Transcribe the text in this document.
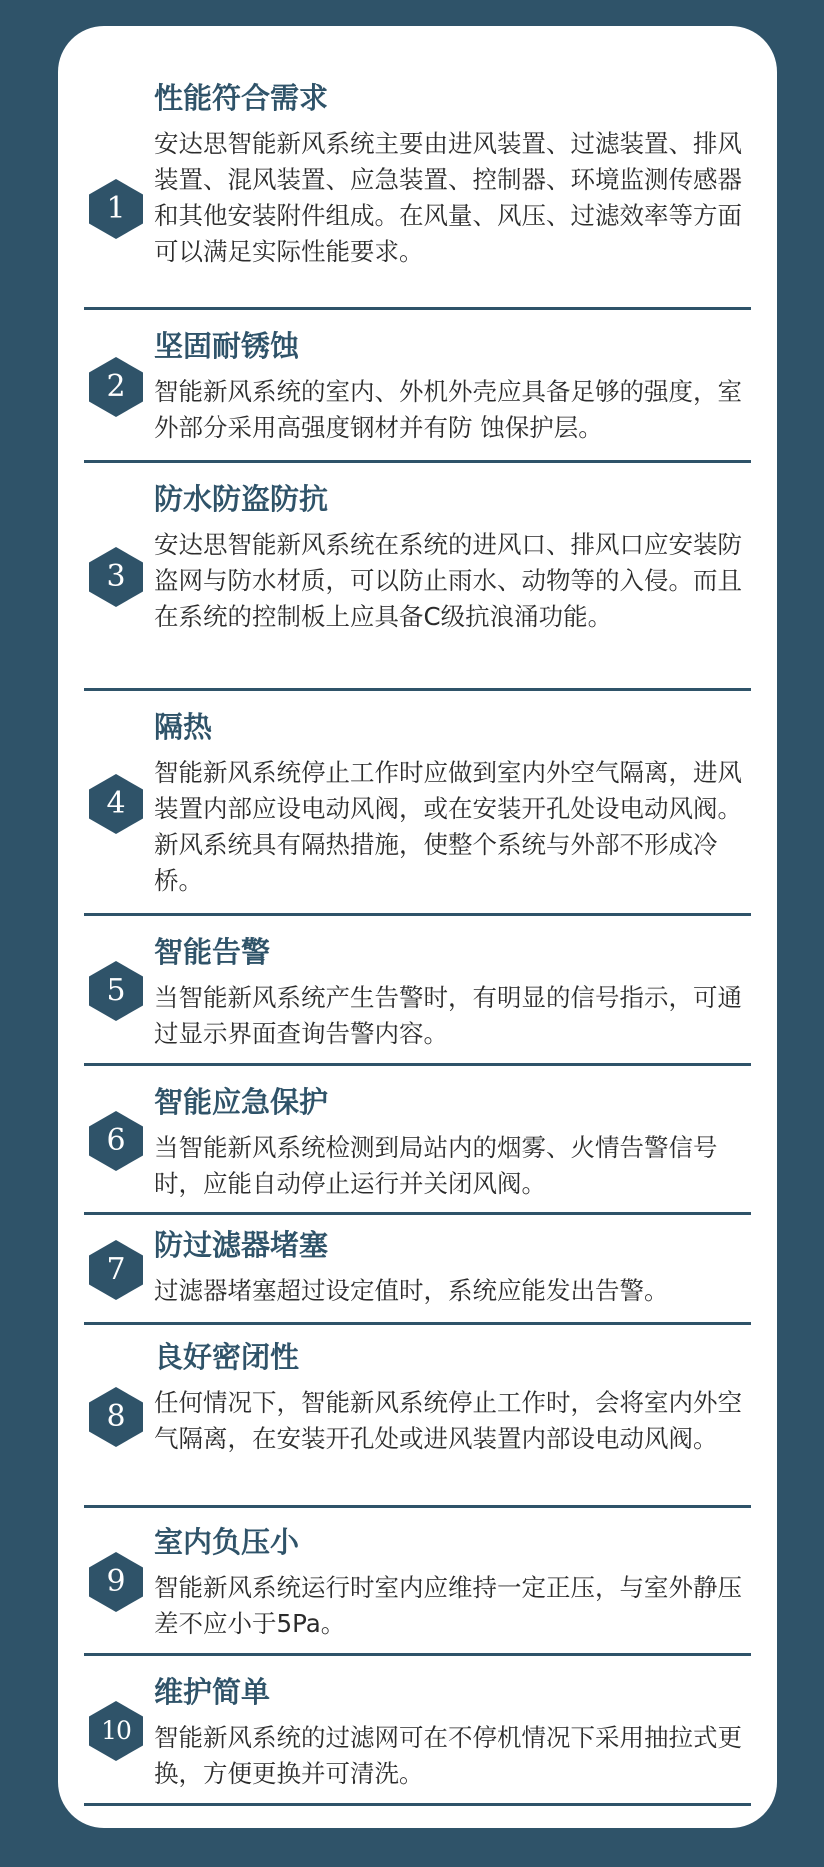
1
性能符合需求

安达思智能新风系统主要由进风装置、过滤装置、排风装置、混风装置、应急装置、控制器、环境监测传感器和其他安装附件组成。在风量、风压、过滤效率等方面可以满足实际性能要求。

2
坚固耐锈蚀

智能新风系统的室内、外机外壳应具备足够的强度，室外部分采用高强度钢材并有防 蚀保护层。

3
防水防盗防抗

安达思智能新风系统在系统的进风口、排风口应安装防盗网与防水材质，可以防止雨水、动物等的入侵。而且在系统的控制板上应具备C级抗浪涌功能。

4
隔热

智能新风系统停止工作时应做到室内外空气隔离，进风装置内部应设电动风阀，或在安装开孔处设电动风阀。新风系统具有隔热措施，使整个系统与外部不形成冷桥。

5
智能告警

当智能新风系统产生告警时，有明显的信号指示，可通过显示界面查询告警内容。

6
智能应急保护

当智能新风系统检测到局站内的烟雾、火情告警信号时，应能自动停止运行并关闭风阀。

7
防过滤器堵塞

过滤器堵塞超过设定值时，系统应能发出告警。

8
良好密闭性

任何情况下，智能新风系统停止工作时，会将室内外空气隔离，在安装开孔处或进风装置内部设电动风阀。

9
室内负压小

智能新风系统运行时室内应维持一定正压，与室外静压差不应小于5Pa。

10
维护简单

智能新风系统的过滤网可在不停机情况下采用抽拉式更换，方便更换并可清洗。
